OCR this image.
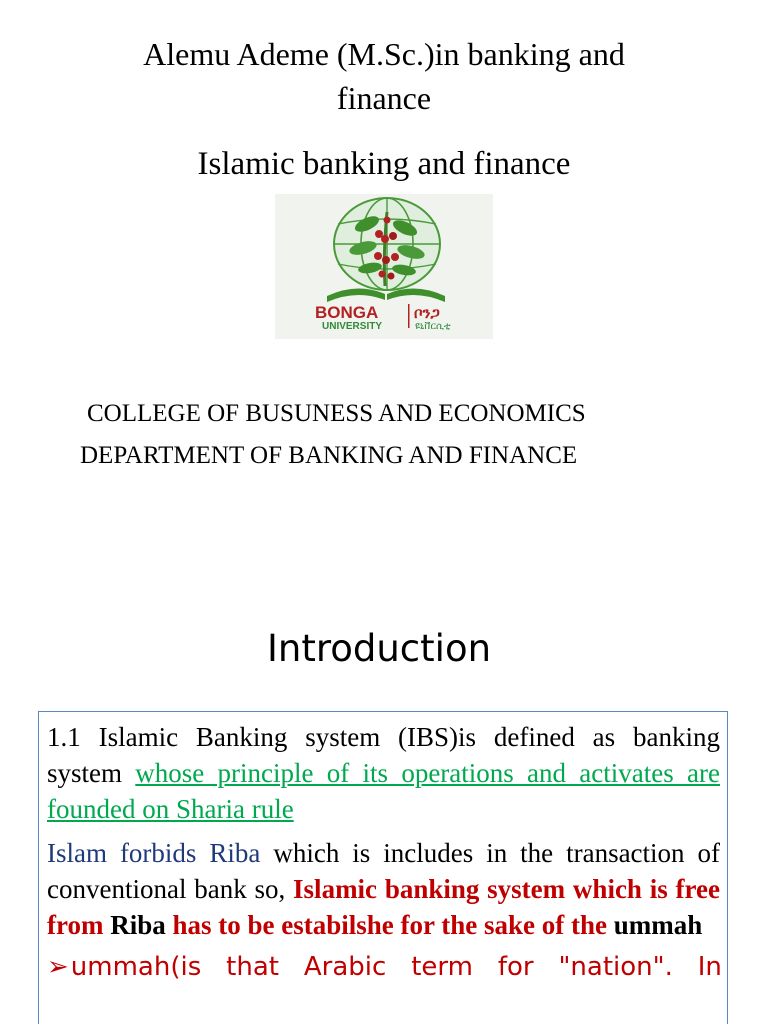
Alemu Ademe (M.Sc.)in banking and
finance
Islamic banking and finance
BONGA ቦንጋ
UNIVERSITY	ዩኒቨርሲቲ
COLLEGE OF BUSUNESS AND ECONOMICS
DEPARTMENT OF BANKING AND FINANCE
Introduction

1.1 Islamic Banking system (IBS)is defined as banking system whose principle of its operations and activates are founded on Sharia rule

Islam forbids Riba which is includes in the transaction of conventional bank so, Islamic banking system which is free from Riba has to be estabilshe for the sake of the ummah

➢ummah(is that Arabic term for "nation". In
